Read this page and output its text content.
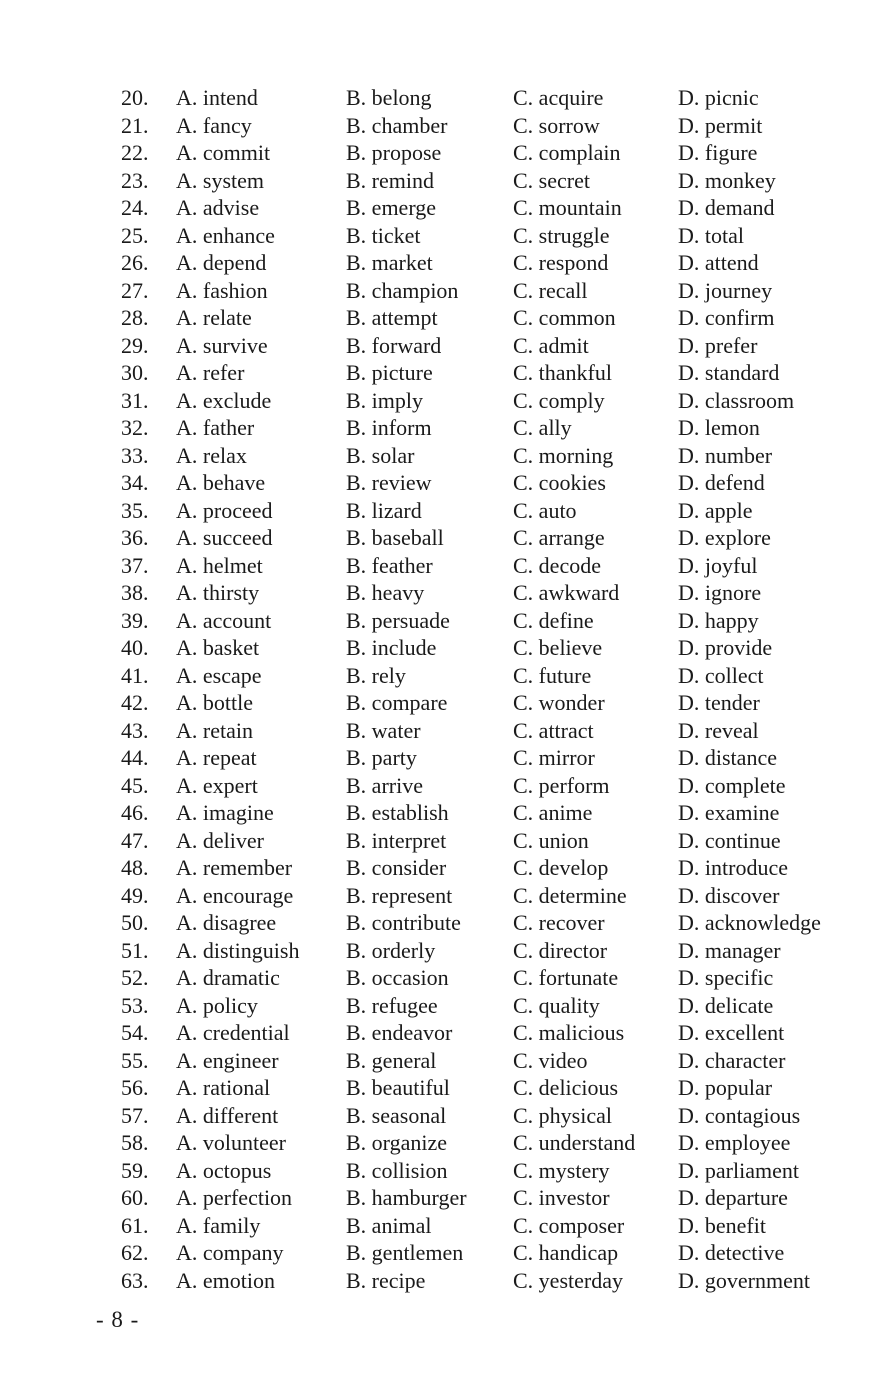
20.	A. intend	B. belong	C. acquire	D. picnic
21.	A. fancy	B. chamber	C. sorrow	D. permit
22.	A. commit	B. propose	C. complain	D. figure
23.	A. system	B. remind	C. secret	D. monkey
24.	A. advise	B. emerge	C. mountain	D. demand
25.	A. enhance	B. ticket	C. struggle	D. total
26.	A. depend	B. market	C. respond	D. attend
27.	A. fashion	B. champion C. recall	D. journey
28.	A. relate	B. attempt	C. common	D. confirm
29.	A. survive	B. forward	C. admit	D. prefer
30.	A. refer	B. picture	C. thankful	D. standard
31.	A. exclude	B. imply	C. comply	D. classroom
32.	A. father	B. inform	C. ally	D. lemon
33.	A. relax	B. solar	C. morning	D. number
34.	A. behave	B. review	C. cookies	D. defend
35.	A. proceed	B. lizard	C. auto	D. apple
36.	A. succeed	B. baseball	C. arrange	D. explore
37.	A. helmet	B. feather	C. decode	D. joyful
38.	A. thirsty	B. heavy	C. awkward	D. ignore
39.	A. account	B. persuade	C. define	D. happy
40.	A. basket	B. include	C. believe	D. provide
41.	A. escape	B. rely	C. future	D. collect
42.	A. bottle	B. compare	C. wonder	D. tender
43.	A. retain	B. water	C. attract	D. reveal
44.	A. repeat	B. party	C. mirror	D. distance
45.	A. expert	B. arrive	C. perform	D. complete
46.	A. imagine	B. establish	C. anime	D. examine
47.	A. deliver	B. interpret	C. union	D. continue
48.	A. remember B. consider	C. develop	D. introduce
49.	A. encourage B. represent	C. determine D. discover
50.	A. disagree	B. contribute C. recover	D. acknowledge
51.	A. distinguish B. orderly	C. director	D. manager
52.	A. dramatic	B. occasion	C. fortunate	D. specific
53.	A. policy	B. refugee	C. quality	D. delicate
54.	A. credential	B. endeavor	C. malicious D. excellent
55.	A. engineer	B. general	C. video	D. character
56.	A. rational	B. beautiful	C. delicious	D. popular
57.	A. different	B. seasonal	C. physical	D. contagious
58.	A. volunteer	B. organize	C. understand D. employee
59.	A. octopus	B. collision	C. mystery	D. parliament
60.	A. perfection B. hamburger C. investor	D. departure
61.	A. family	B. animal	C. composer D. benefit
62.	A. company	B. gentlemen C. handicap	D. detective
63.	A. emotion	B. recipe	C. yesterday	D. government
- 8 -
